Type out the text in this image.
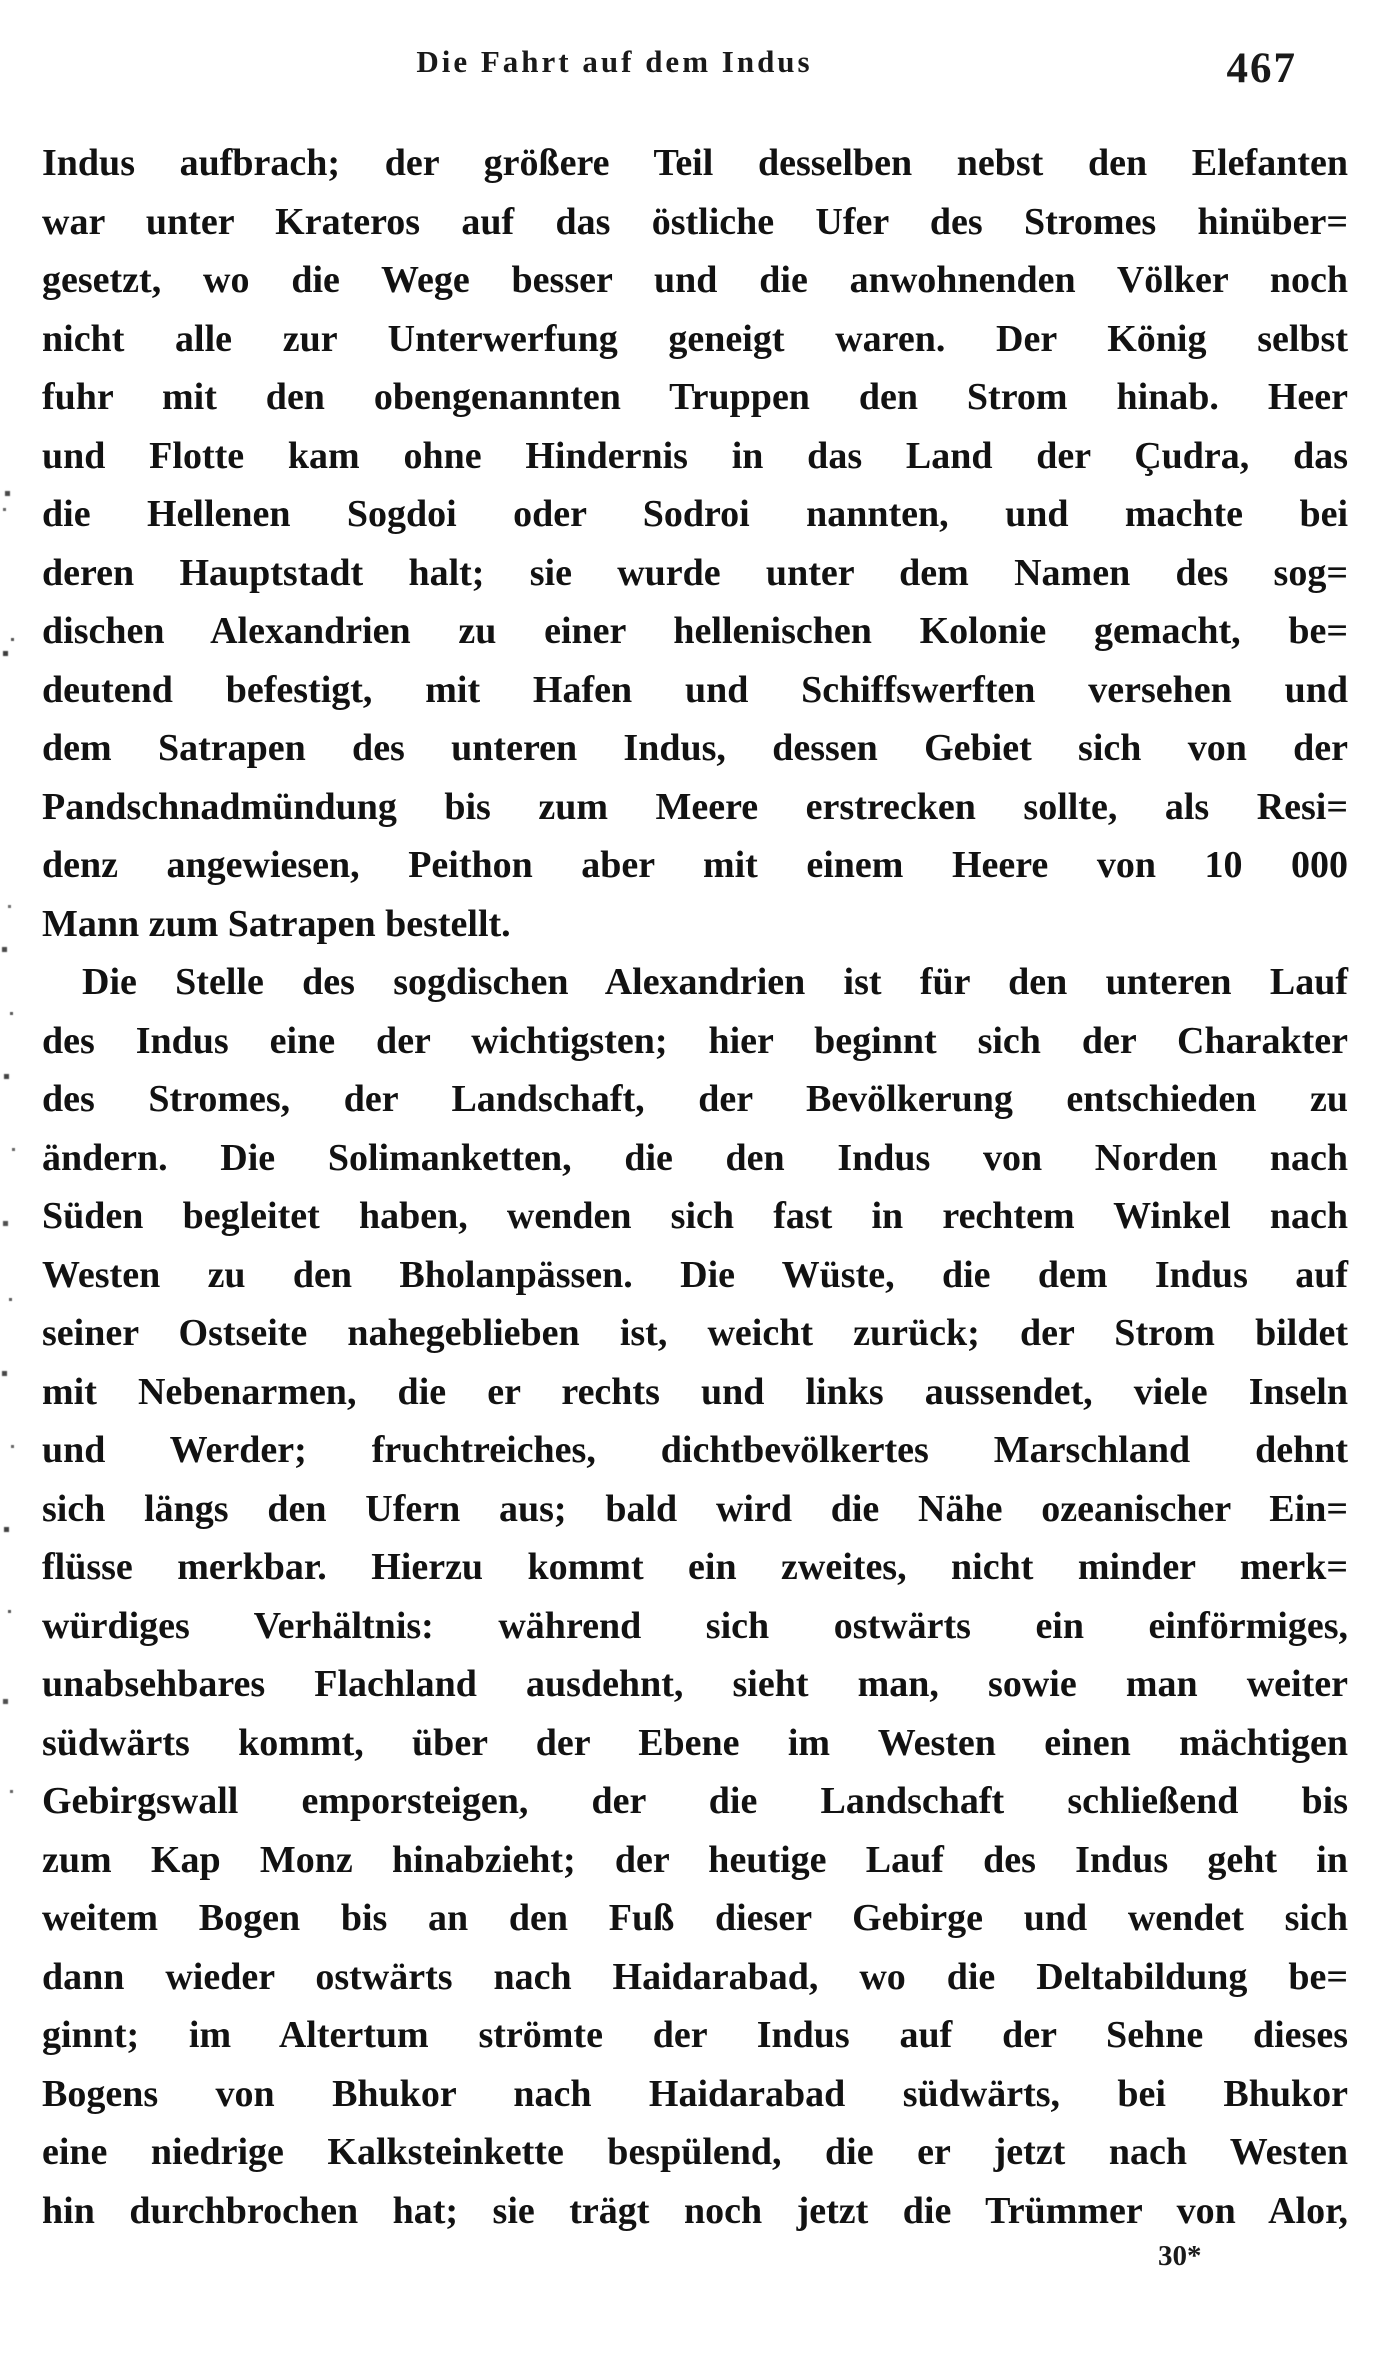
Die Fahrt auf dem Indus	467
Indus aufbrach; der größere Teil desselben nebst den Elefanten
war unter Krateros auf das östliche Ufer des Stromes hinüber=
gesetzt, wo die Wege besser und die anwohnenden Völker noch
nicht alle zur Unterwerfung geneigt waren. Der König selbst
fuhr mit den obengenannten Truppen den Strom hinab. Heer
und Flotte kam ohne Hindernis in das Land der Çudra, das
die Hellenen Sogdoi oder Sodroi nannten, und machte bei
deren Hauptstadt halt; sie wurde unter dem Namen des sog=
dischen Alexandrien zu einer hellenischen Kolonie gemacht, be=
deutend befestigt, mit Hafen und Schiffswerften versehen und
dem Satrapen des unteren Indus, dessen Gebiet sich von der
Pandschnadmündung bis zum Meere erstrecken sollte, als Resi=
denz angewiesen, Peithon aber mit einem Heere von 10 000
Mann zum Satrapen bestellt.
Die Stelle des sogdischen Alexandrien ist für den unteren Lauf
des Indus eine der wichtigsten; hier beginnt sich der Charakter
des Stromes, der Landschaft, der Bevölkerung entschieden zu
ändern. Die Solimanketten, die den Indus von Norden nach
Süden begleitet haben, wenden sich fast in rechtem Winkel nach
Westen zu den Bholanpässen. Die Wüste, die dem Indus auf
seiner Ostseite nahegeblieben ist, weicht zurück; der Strom bildet
mit Nebenarmen, die er rechts und links aussendet, viele Inseln
und Werder; fruchtreiches, dichtbevölkertes Marschland dehnt
sich längs den Ufern aus; bald wird die Nähe ozeanischer Ein=
flüsse merkbar. Hierzu kommt ein zweites, nicht minder merk=
würdiges Verhältnis: während sich ostwärts ein einförmiges,
unabsehbares Flachland ausdehnt, sieht man, sowie man weiter
südwärts kommt, über der Ebene im Westen einen mächtigen
Gebirgswall emporsteigen, der die Landschaft schließend bis
zum Kap Monz hinabzieht; der heutige Lauf des Indus geht in
weitem Bogen bis an den Fuß dieser Gebirge und wendet sich
dann wieder ostwärts nach Haidarabad, wo die Deltabildung be=
ginnt; im Altertum strömte der Indus auf der Sehne dieses
Bogens von Bhukor nach Haidarabad südwärts, bei Bhukor
eine niedrige Kalksteinkette bespülend, die er jetzt nach Westen
hin durchbrochen hat; sie trägt noch jetzt die Trümmer von Alor,
30*
